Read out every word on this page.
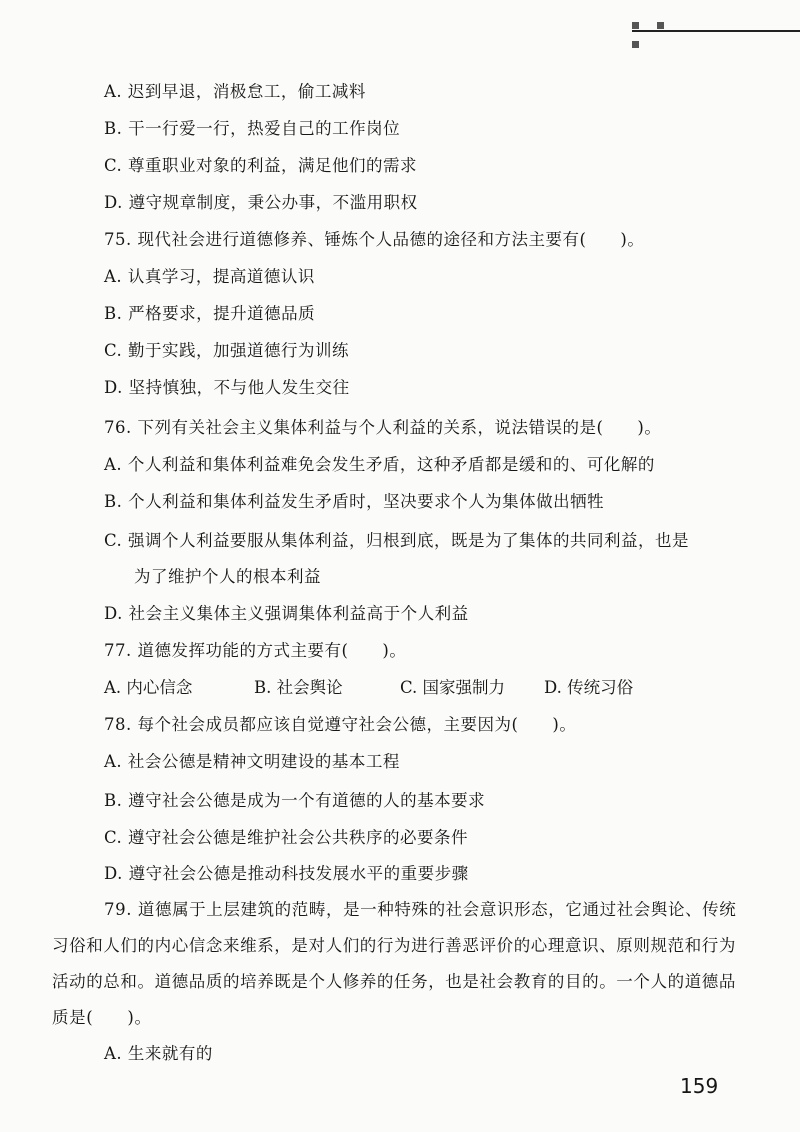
A. 迟到早退，消极怠工，偷工减料
B. 干一行爱一行，热爱自己的工作岗位
C. 尊重职业对象的利益，满足他们的需求
D. 遵守规章制度，秉公办事，不滥用职权
75. 现代社会进行道德修养、锤炼个人品德的途径和方法主要有(　　)。
A. 认真学习，提高道德认识
B. 严格要求，提升道德品质
C. 勤于实践，加强道德行为训练
D. 坚持慎独，不与他人发生交往
76. 下列有关社会主义集体利益与个人利益的关系，说法错误的是(　　)。
A. 个人利益和集体利益难免会发生矛盾，这种矛盾都是缓和的、可化解的
B. 个人利益和集体利益发生矛盾时，坚决要求个人为集体做出牺牲
C. 强调个人利益要服从集体利益，归根到底，既是为了集体的共同利益，也是
为了维护个人的根本利益
D. 社会主义集体主义强调集体利益高于个人利益
77. 道德发挥功能的方式主要有(　　)。
A. 内心信念	B. 社会舆论	C. 国家强制力 D. 传统习俗
78. 每个社会成员都应该自觉遵守社会公德，主要因为(　　)。
A. 社会公德是精神文明建设的基本工程
B. 遵守社会公德是成为一个有道德的人的基本要求
C. 遵守社会公德是维护社会公共秩序的必要条件
D. 遵守社会公德是推动科技发展水平的重要步骤
79. 道德属于上层建筑的范畴，是一种特殊的社会意识形态，它通过社会舆论、传统习俗和人们的内心信念来维系，是对人们的行为进行善恶评价的心理意识、原则规范和行为活动的总和。道德品质的培养既是个人修养的任务，也是社会教育的目的。一个人的道德品质是(　　)。
A. 生来就有的
159
